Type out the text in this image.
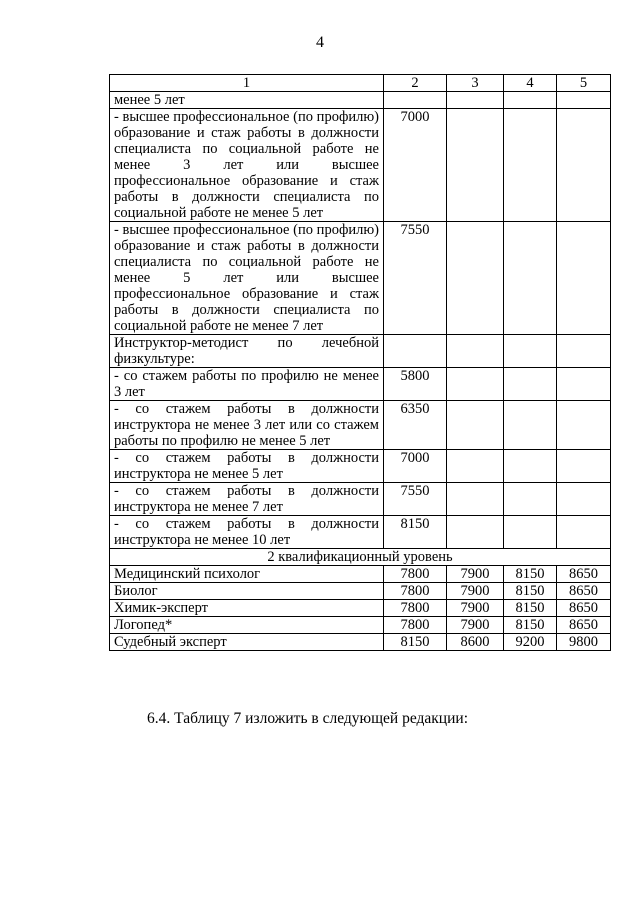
4
1	2	3	4	5
менее 5 лет				
- высшее профессиональное (по профилю) образование и стаж работы в должности специалиста по социальной работе не менее 3 лет или высшее профессиональное образование и стаж работы в должности специалиста по социальной работе не менее 5 лет	7000			
- высшее профессиональное (по профилю) образование и стаж работы в должности специалиста по социальной работе не менее 5 лет или высшее профессиональное образование и стаж работы в должности специалиста по социальной работе не менее 7 лет	7550			
Инструктор-методист по лечебной физкультуре:				
- со стажем работы по профилю не менее 3 лет	5800			
- со стажем работы в должности инструктора не менее 3 лет или со стажем работы по профилю не менее 5 лет	6350			
- со стажем работы в должности инструктора не менее 5 лет	7000			
- со стажем работы в должности инструктора не менее 7 лет	7550			
- со стажем работы в должности инструктора не менее 10 лет	8150			
2 квалификационный уровень				
Медицинский психолог	7800	7900	8150	8650
Биолог	7800	7900	8150	8650
Химик-эксперт	7800	7900	8150	8650
Логопед*	7800	7900	8150	8650
Судебный эксперт	8150	8600	9200	9800
6.4. Таблицу 7 изложить в следующей редакции:
